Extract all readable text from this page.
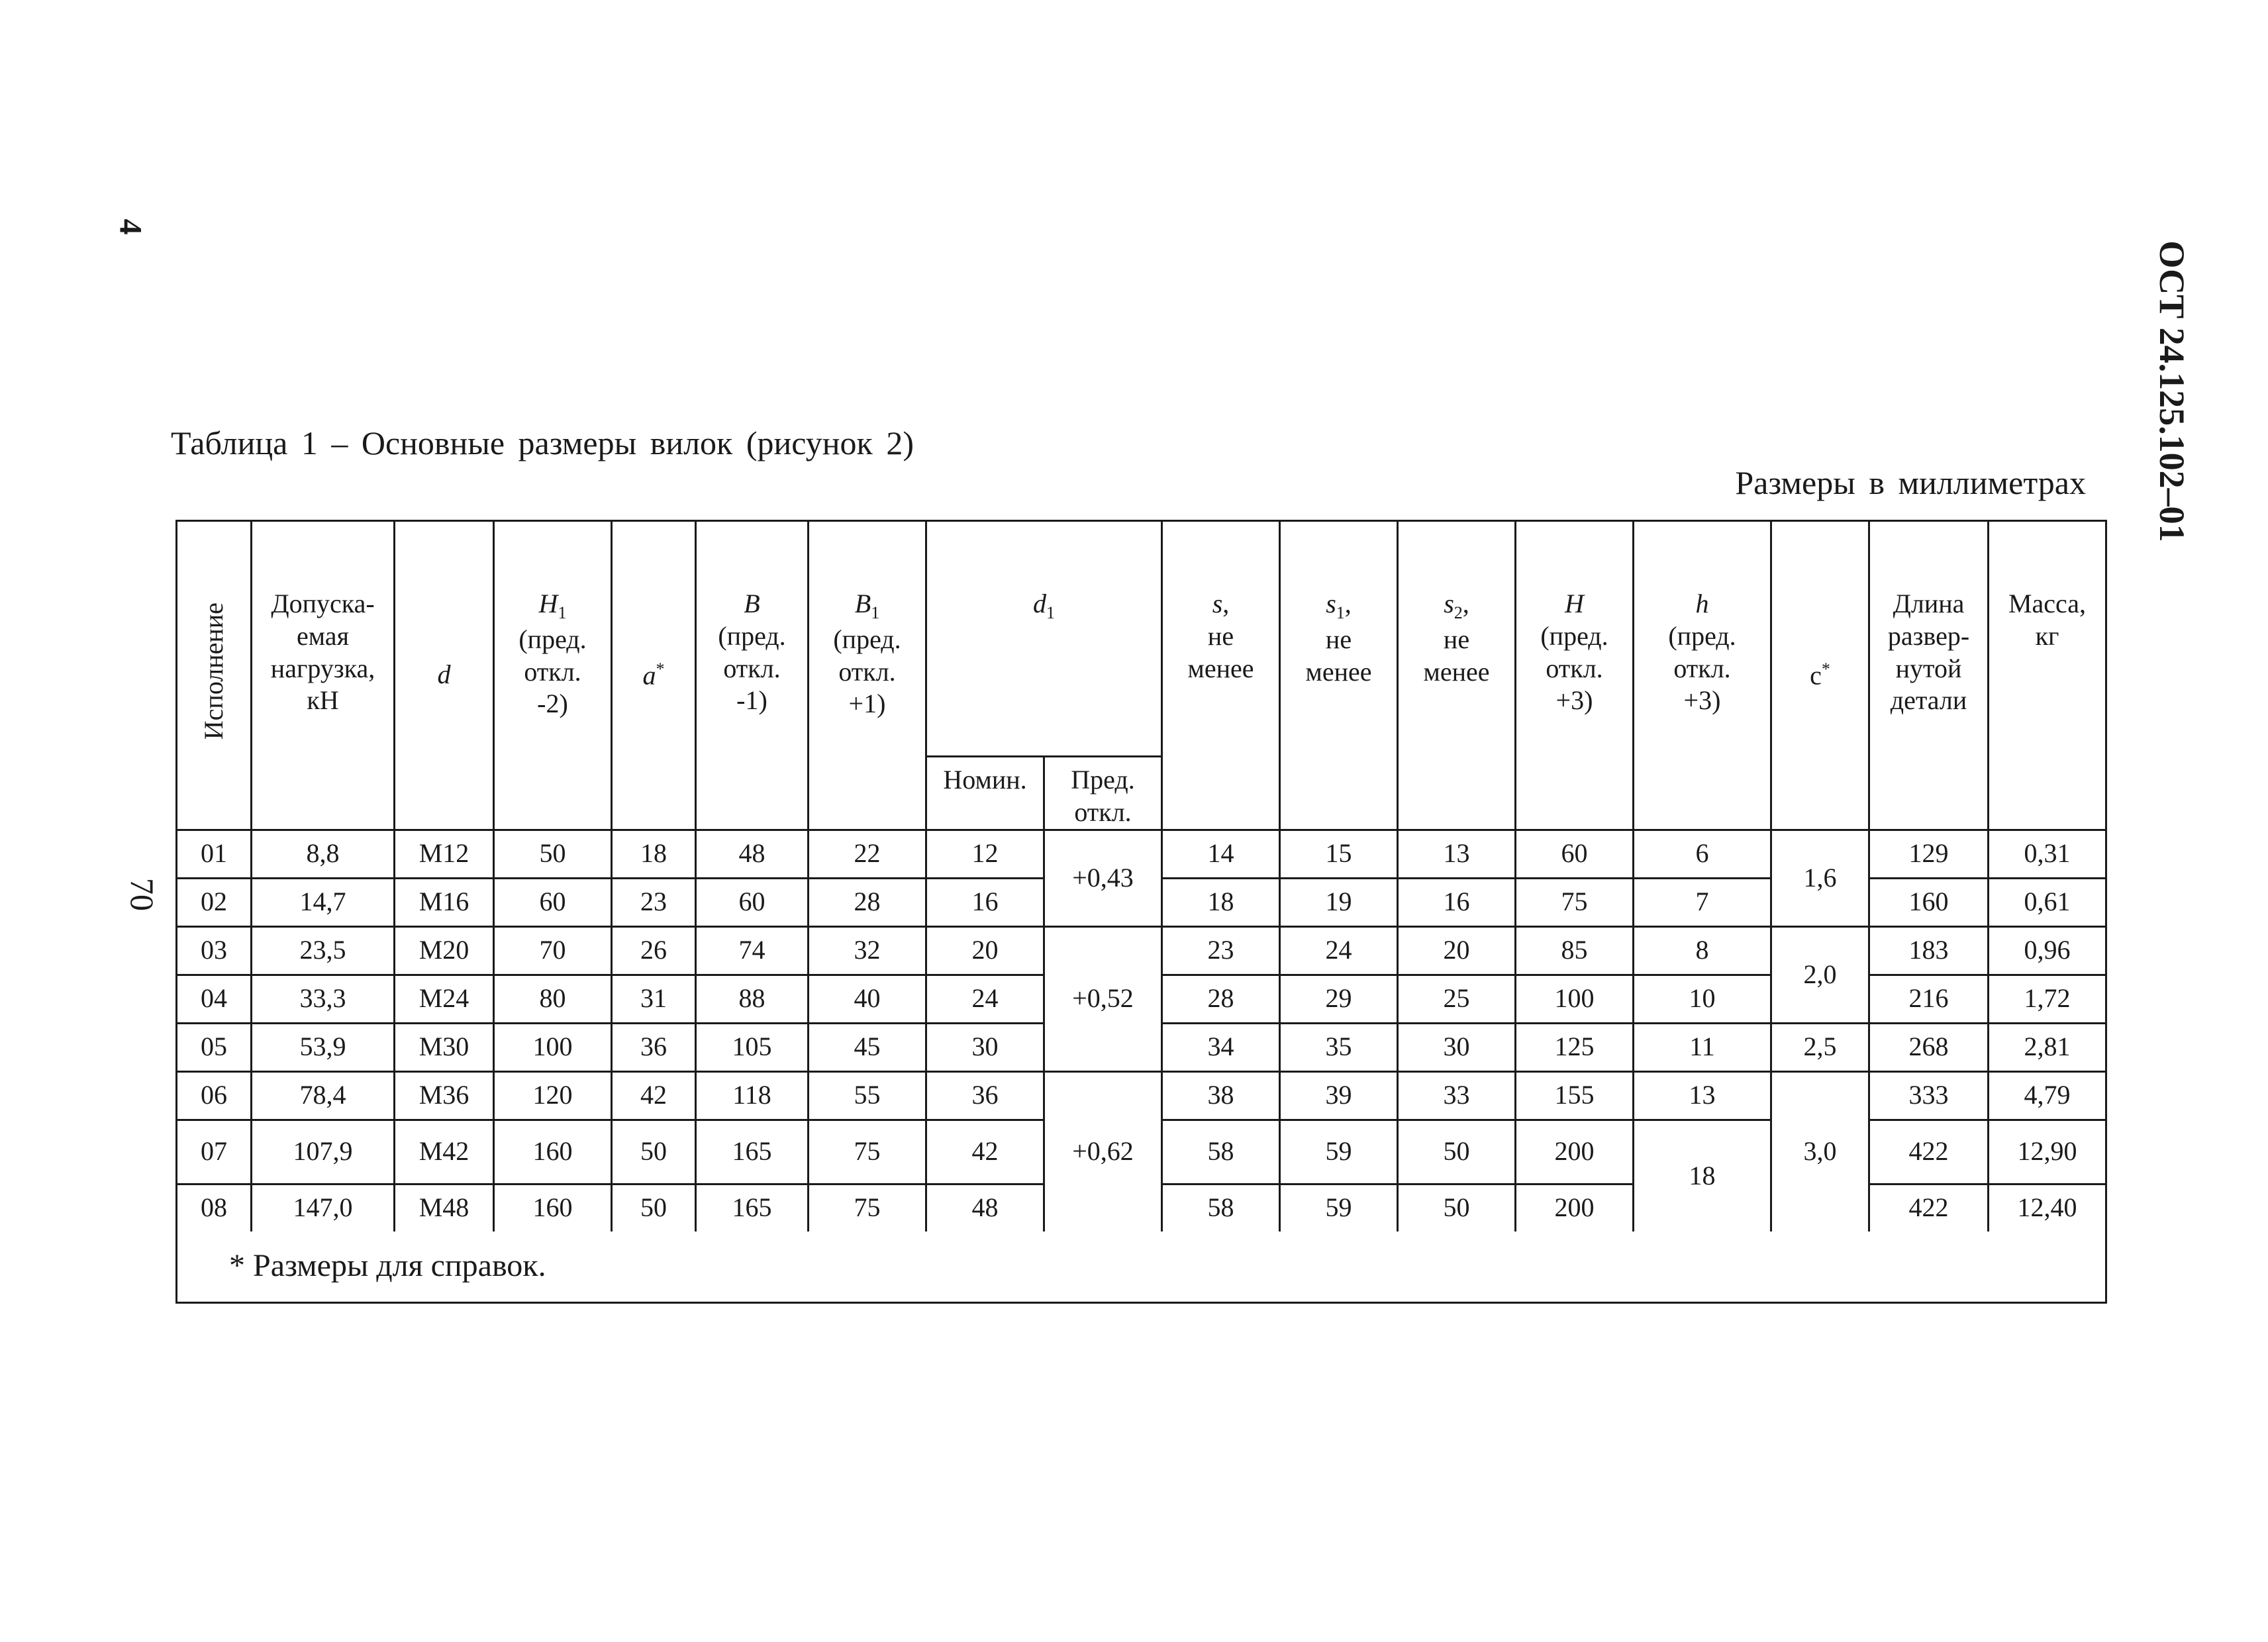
4
ОСТ 24.125.102–01
70
Таблица 1 – Основные размеры вилок (рисунок 2)
Размеры в миллиметрах
Исполнение	Допуска-
емая
нагрузка,
кН	d	$H_1$
(пред.
откл.
-2)	a*	B
(пред.
откл.
-1)	$B_1$
(пред.
откл.
+1)	$d_1$		s,
не
менее	$s_1$,
не
менее	$s_2$,
не
менее	H
(пред.
откл.
+3)	h
(пред.
откл.
+3)	c*	Длина
развер-
нутой
детали	Масса,
кг
							Номин.	Пред.
откл.								
01	8,8	M12	50	18	48	22	12	+0,43	14	15	13	60	6	1,6	129	0,31
02	14,7	M16	60	23	60	28	16		18	19	16	75	7		160	0,61
03	23,5	M20	70	26	74	32	20	+0,52	23	24	20	85	8	2,0	183	0,96
04	33,3	M24	80	31	88	40	24		28	29	25	100	10		216	1,72
05	53,9	M30	100	36	105	45	30		34	35	30	125	11	2,5	268	2,81
06	78,4	M36	120	42	118	55	36	+0,62	38	39	33	155	13	3,0	333	4,79
07	107,9	M42	160	50	165	75	42		58	59	50	200	18		422	12,90
08	147,0	M48	160	50	165	75	48		58	59	50	200			422	12,40
* Размеры для справок.																
